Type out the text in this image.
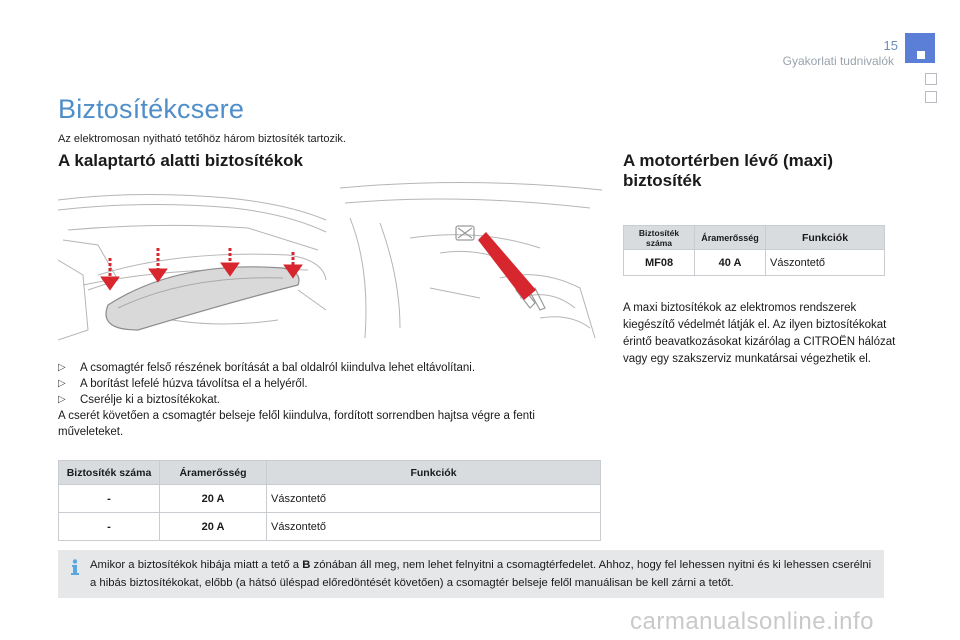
15
Gyakorlati tudnivalók
Biztosítékcsere
Az elektromosan nyitható tetőhöz három biztosíték tartozik.
A kalaptartó alatti biztosítékok
▷ A csomagtér felső részének borítását a bal oldalról kiindulva lehet eltávolítani.
▷ A borítást lefelé húzva távolítsa el a helyéről.
▷ Cserélje ki a biztosítékokat.
A cserét követően a csomagtér belseje felől kiindulva, fordított sorrendben hajtsa végre a fenti műveleteket.
Biztosíték száma	Áramerősség	Funkciók
-	20 A	Vászontető
-	20 A	Vászontető
A motortérben lévő (maxi)
biztosíték
Biztosíték száma	Áramerősség	Funkciók
MF08	40 A	Vászontető
A maxi biztosítékok az elektromos rendszerek kiegészítő védelmét látják el. Az ilyen biztosítékokat érintő beavatkozásokat kizárólag a CITROËN hálózat vagy egy szakszerviz munkatársai végezhetik el.
Amikor a biztosítékok hibája miatt a tető a B zónában áll meg, nem lehet felnyitni a csomagtérfedelet. Ahhoz, hogy fel lehessen nyitni és ki lehessen cserélni a hibás biztosítékokat, előbb (a hátsó üléspad előredöntését követően) a csomagtér belseje felől manuálisan be kell zárni a tetőt.
carmanualsonline.info
